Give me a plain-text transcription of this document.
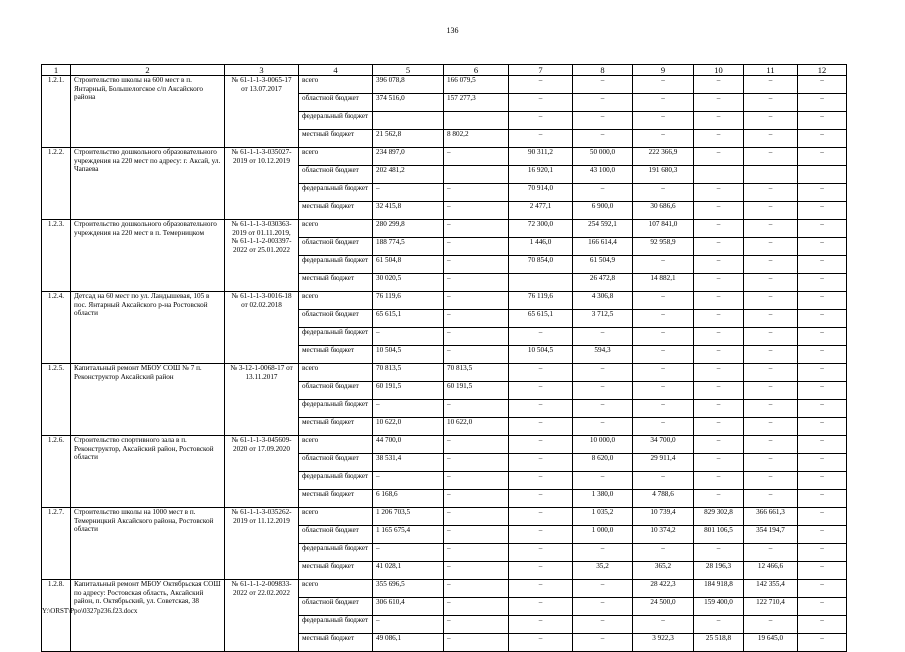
136
1	2	3	4	5	6	7	8	9	10	11	12
1.2.1.	Строительство школы на 600 мест в п. Янтарный, Большелогское с/п Аксайского района	№ 61-1-1-3-0065-17 от 13.07.2017	всего	396 078,8	166 079,5	–	–	–	–	–	–
			областной бюджет	374 516,0	157 277,3	–	–	–	–	–	–
			федеральный бюджет			–	–	–	–	–	–
			местный бюджет	21 562,8	8 802,2	–	–	–	–	–	–
1.2.2.	Строительство дошкольного образовательного учреждения на 220 мест по адресу: г. Аксай, ул. Чапаева	№ 61-1-1-3-035027-2019 от 10.12.2019	всего	234 897,0	–	90 311,2	50 000,0	222 366,9	–	–	–
			областной бюджет	202 481,2		16 920,1	43 100,0	191 680,3			
			федеральный бюджет	–	–	70 914,0	–	–	–	–	–
			местный бюджет	32 415,8	–	2 477,1	6 900,0	30 686,6	–	–	–
1.2.3.	Строительство дошкольного образовательного учреждения на 220 мест в п. Темерницком	№ 61-1-1-3-030363-2019 от 01.11.2019, № 61-1-1-2-003397-2022 от 25.01.2022	всего	280 299,8	–	72 300,0	254 592,1	107 841,0	–	–	–
			областной бюджет	188 774,5	–	1 446,0	166 614,4	92 958,9	–	–	–
			федеральный бюджет	61 504,8	–	70 854,0	61 504,9	–	–	–	–
			местный бюджет	30 020,5	–		26 472,8	14 882,1	–	–	–
1.2.4.	Детсад на 60 мест по ул. Ландышевая, 105 в пос. Янтарный Аксайского р-на Ростовской области	№ 61-1-1-3-0016-18 от 02.02.2018	всего	76 119,6	–	76 119,6	4 306,8	–	–	–	–
			областной бюджет	65 615,1	–	65 615,1	3 712,5	–	–	–	–
			федеральный бюджет	–	–	–	–	–	–	–	–
			местный бюджет	10 504,5	–	10 504,5	594,3	–	–	–	–
1.2.5.	Капитальный ремонт МБОУ СОШ № 7 п. Реконструктор Аксайский район	№ 3-12-1-0068-17 от 13.11.2017	всего	70 813,5	70 813,5	–	–	–	–	–	–
			областной бюджет	60 191,5	60 191,5	–	–	–	–	–	–
			федеральный бюджет	–	–	–	–	–	–	–	–
			местный бюджет	10 622,0	10 622,0	–	–	–	–	–	–
1.2.6.	Строительство спортивного зала в п. Реконструктор, Аксайский район, Ростовской области	№ 61-1-1-3-045609-2020 от 17.09.2020	всего	44 700,0	–	–	10 000,0	34 700,0	–	–	–
			областной бюджет	38 531,4	–	–	8 620,0	29 911,4	–	–	–
			федеральный бюджет	–	–	–	–	–	–	–	–
			местный бюджет	6 168,6	–	–	1 380,0	4 788,6	–	–	–
1.2.7.	Строительство школы на 1000 мест в п. Темерницкий Аксайского района, Ростовской области	№ 61-1-1-3-035262-2019 от 11.12.2019	всего	1 206 703,5	–	–	1 035,2	10 739,4	829 302,8	366 661,3	–
			областной бюджет	1 165 675,4	–	–	1 000,0	10 374,2	801 106,5	354 194,7	–
			федеральный бюджет	–	–	–	–	–	–	–	–
			местный бюджет	41 028,1	–	–	35,2	365,2	28 196,3	12 466,6	–
1.2.8.	Капитальный ремонт МБОУ Октябрьская СОШ по адресу: Ростовская область, Аксайский район, п. Октябрьский, ул. Советская, 38	№ 61-1-1-2-009833-2022 от 22.02.2022	всего	355 696,5	–	–	–	28 422,3	184 918,8	142 355,4	–
			областной бюджет	306 610,4	–	–	–	24 500,0	159 400,0	122 710,4	–
			федеральный бюджет	–	–	–	–	–	–	–	–
			местный бюджет	49 086,1	–	–	–	3 922,3	25 518,8	19 645,0	–
Y:\ORST\Ppo\0327p236.f23.docx
